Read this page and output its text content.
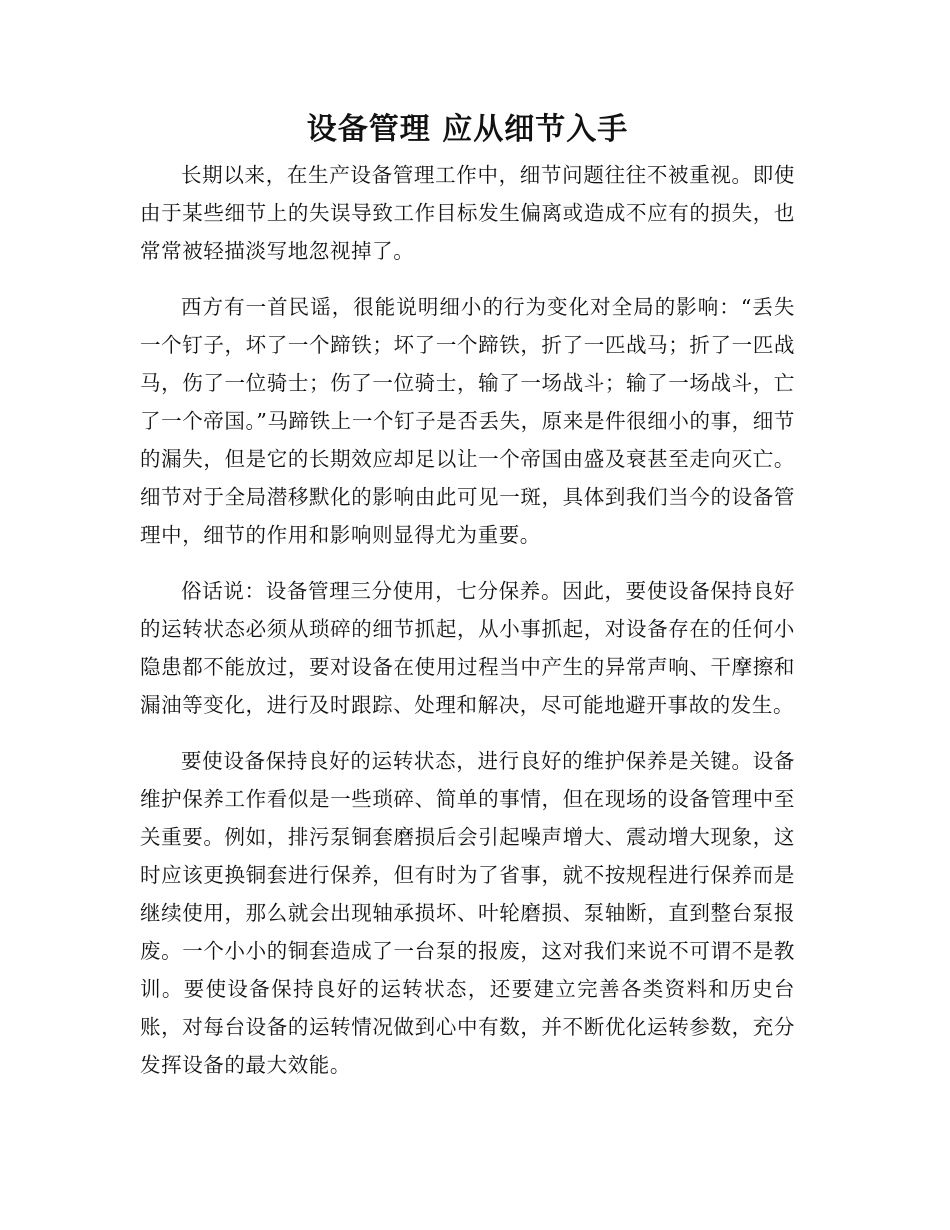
设备管理 应从细节入手

长期以来，在生产设备管理工作中，细节问题往往不被重视。即使由于某些细节上的失误导致工作目标发生偏离或造成不应有的损失，也常常被轻描淡写地忽视掉了。

西方有一首民谣，很能说明细小的行为变化对全局的影响：“丢失一个钉子，坏了一个蹄铁；坏了一个蹄铁，折了一匹战马；折了一匹战马，伤了一位骑士；伤了一位骑士，输了一场战斗；输了一场战斗，亡了一个帝国。”马蹄铁上一个钉子是否丢失，原来是件很细小的事，细节的漏失，但是它的长期效应却足以让一个帝国由盛及衰甚至走向灭亡。细节对于全局潜移默化的影响由此可见一斑，具体到我们当今的设备管理中，细节的作用和影响则显得尤为重要。

俗话说：设备管理三分使用，七分保养。因此，要使设备保持良好的运转状态必须从琐碎的细节抓起，从小事抓起，对设备存在的任何小隐患都不能放过，要对设备在使用过程当中产生的异常声响、干摩擦和漏油等变化，进行及时跟踪、处理和解决，尽可能地避开事故的发生。

要使设备保持良好的运转状态，进行良好的维护保养是关键。设备维护保养工作看似是一些琐碎、简单的事情，但在现场的设备管理中至关重要。例如，排污泵铜套磨损后会引起噪声增大、震动增大现象，这时应该更换铜套进行保养，但有时为了省事，就不按规程进行保养而是继续使用，那么就会出现轴承损坏、叶轮磨损、泵轴断，直到整台泵报废。一个小小的铜套造成了一台泵的报废，这对我们来说不可谓不是教训。要使设备保持良好的运转状态，还要建立完善各类资料和历史台账，对每台设备的运转情况做到心中有数，并不断优化运转参数，充分发挥设备的最大效能。
